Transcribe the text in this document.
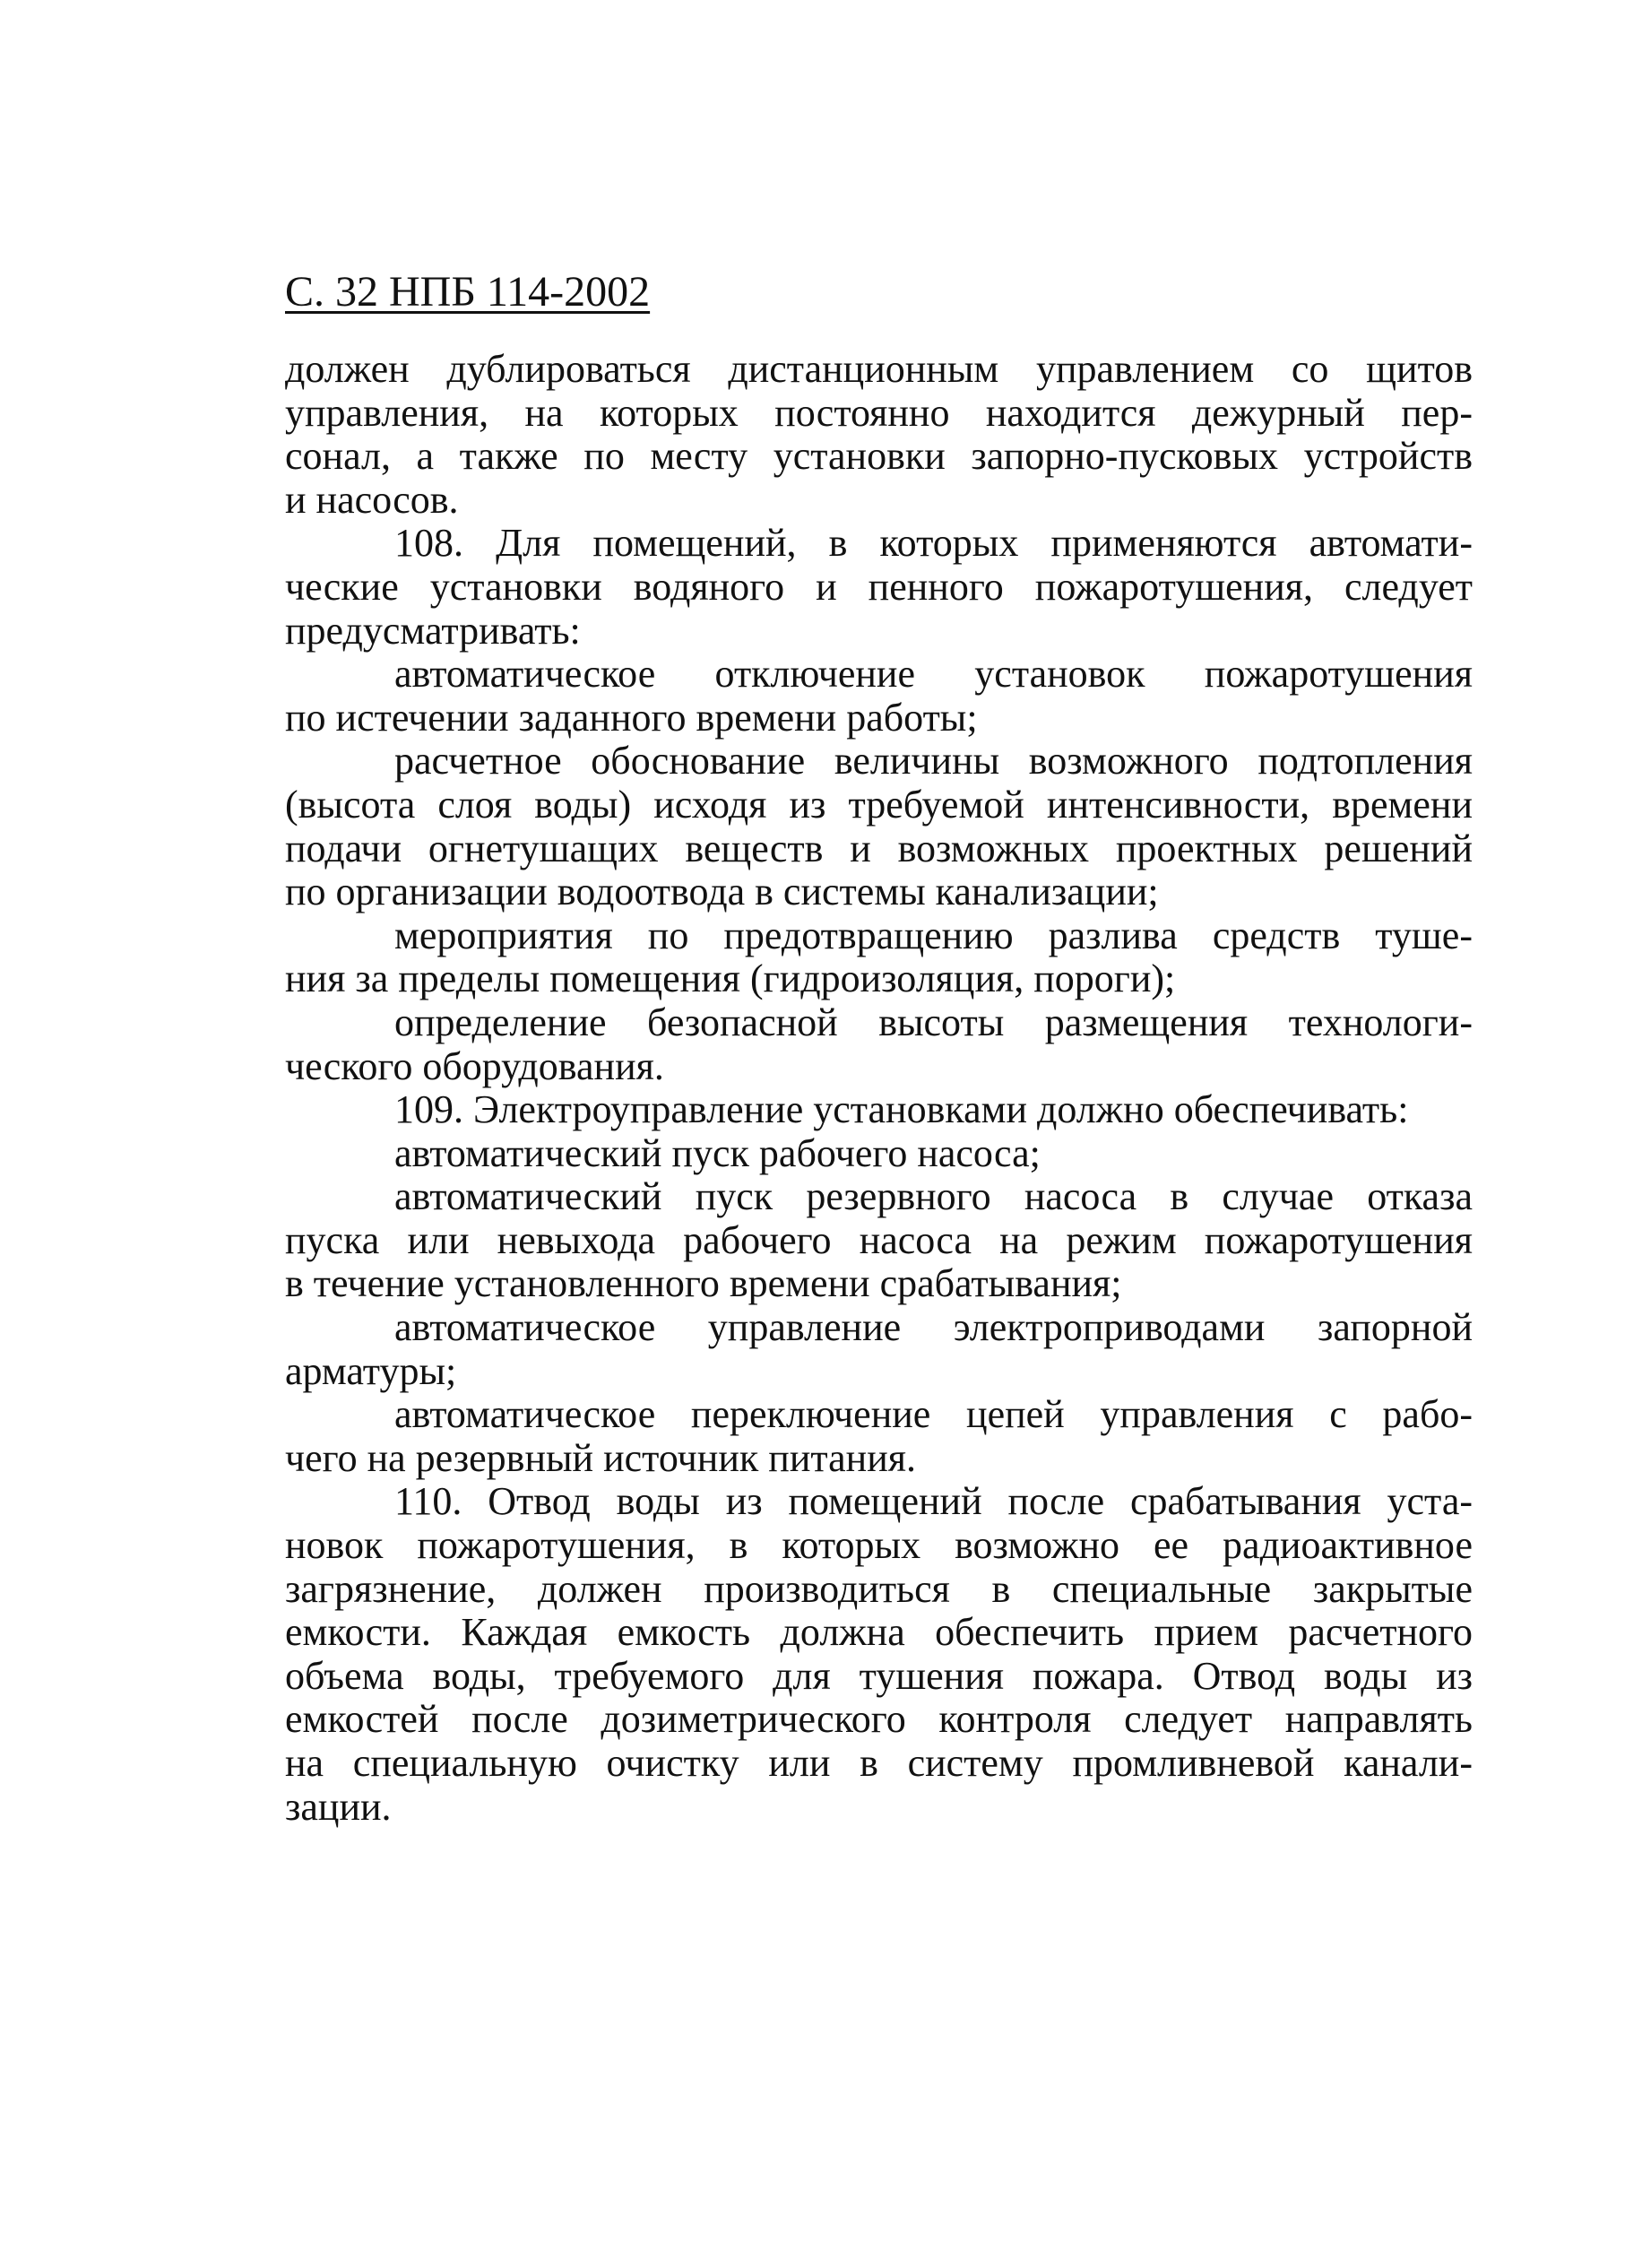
С. 32 НПБ 114-2002
должен дублироваться дистанционным управлением со щитов
управления, на которых постоянно находится дежурный пер-
сонал, а также по месту установки запорно-пусковых устройств
и насосов.
108. Для помещений, в которых применяются автомати-
ческие установки водяного и пенного пожаротушения, следует
предусматривать:
автоматическое отключение установок пожаротушения
по истечении заданного времени работы;
расчетное обоснование величины возможного подтопления
(высота слоя воды) исходя из требуемой интенсивности, времени
подачи огнетушащих веществ и возможных проектных решений
по организации водоотвода в системы канализации;
мероприятия по предотвращению разлива средств туше-
ния за пределы помещения (гидроизоляция, пороги);
определение безопасной высоты размещения технологи-
ческого оборудования.
109. Электроуправление установками должно обеспечивать:
автоматический пуск рабочего насоса;
автоматический пуск резервного насоса в случае отказа
пуска или невыхода рабочего насоса на режим пожаротушения
в течение установленного времени срабатывания;
автоматическое управление электроприводами запорной
арматуры;
автоматическое переключение цепей управления с рабо-
чего на резервный источник питания.
110. Отвод воды из помещений после срабатывания уста-
новок пожаротушения, в которых возможно ее радиоактивное
загрязнение, должен производиться в специальные закрытые
емкости. Каждая емкость должна обеспечить прием расчетного
объема воды, требуемого для тушения пожара. Отвод воды из
емкостей после дозиметрического контроля следует направлять
на специальную очистку или в систему промливневой канали-
зации.
